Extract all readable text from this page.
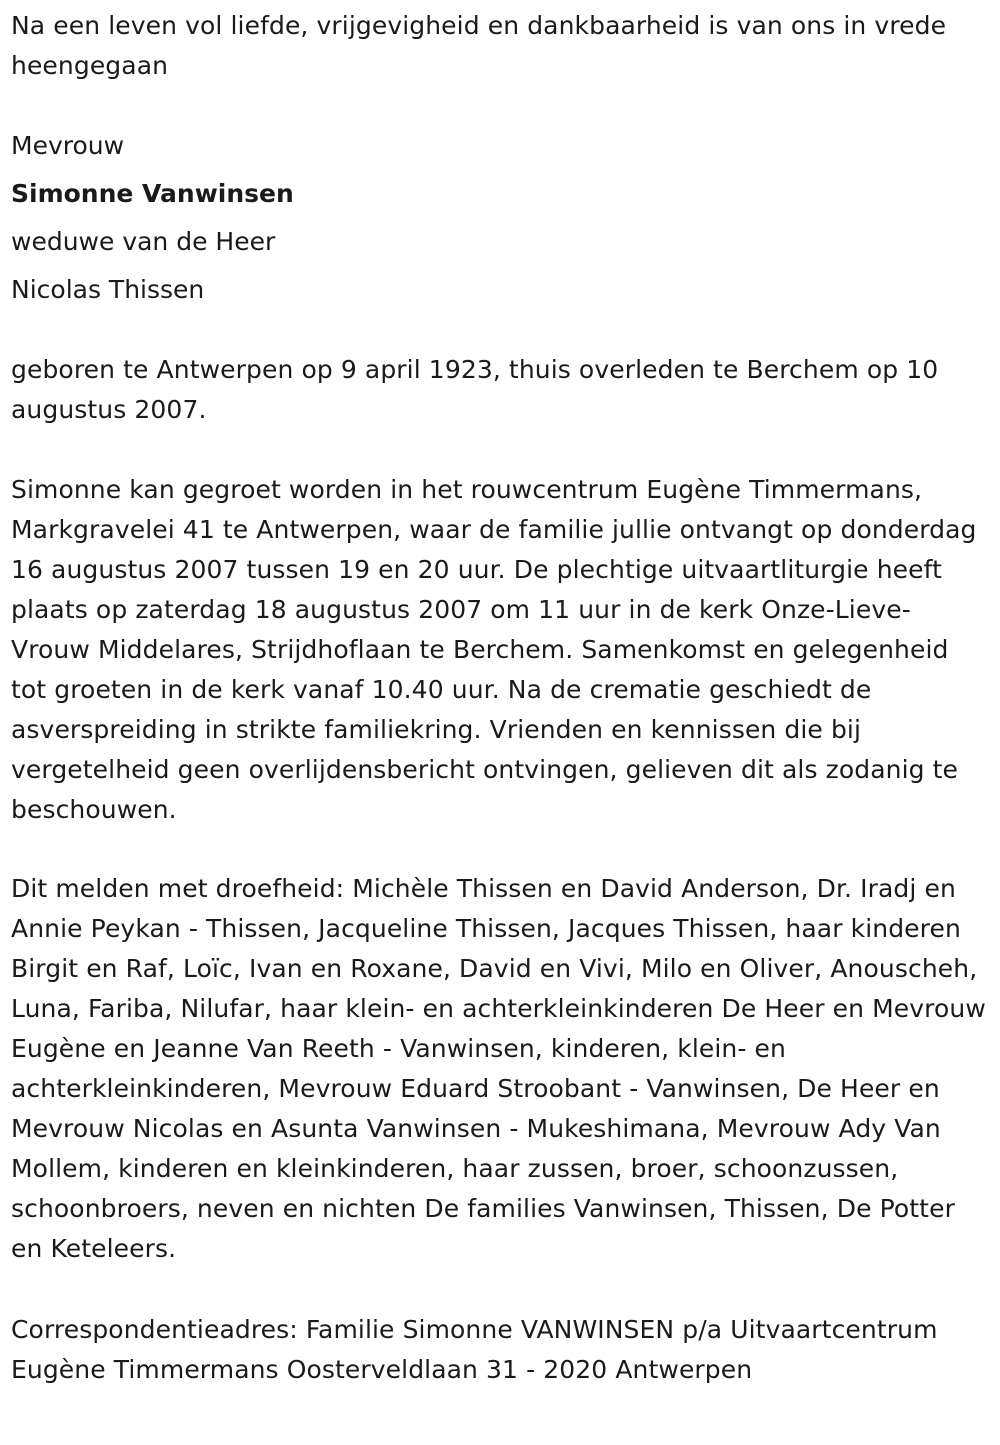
Na een leven vol liefde, vrijgevigheid en dankbaarheid is van ons in vrede heengegaan

Mevrouw

Simonne Vanwinsen

weduwe van de Heer

Nicolas Thissen

geboren te Antwerpen op 9 april 1923, thuis overleden te Berchem op 10 augustus 2007.

Simonne kan gegroet worden in het rouwcentrum Eugène Timmermans, Markgravelei 41 te Antwerpen, waar de familie jullie ontvangt op donderdag 16 augustus 2007 tussen 19 en 20 uur. De plechtige uitvaartliturgie heeft plaats op zaterdag 18 augustus 2007 om 11 uur in de kerk Onze-Lieve-Vrouw Middelares, Strijdhoflaan te Berchem. Samenkomst en gelegenheid tot groeten in de kerk vanaf 10.40 uur. Na de crematie geschiedt de asverspreiding in strikte familiekring. Vrienden en kennissen die bij vergetelheid geen overlijdensbericht ontvingen, gelieven dit als zodanig te beschouwen.

Dit melden met droefheid: Michèle Thissen en David Anderson, Dr. Iradj en Annie Peykan - Thissen, Jacqueline Thissen, Jacques Thissen, haar kinderen Birgit en Raf, Loïc, Ivan en Roxane, David en Vivi, Milo en Oliver, Anouscheh, Luna, Fariba, Nilufar, haar klein- en achterkleinkinderen De Heer en Mevrouw Eugène en Jeanne Van Reeth - Vanwinsen, kinderen, klein- en achterkleinkinderen, Mevrouw Eduard Stroobant - Vanwinsen, De Heer en Mevrouw Nicolas en Asunta Vanwinsen - Mukeshimana, Mevrouw Ady Van Mollem, kinderen en kleinkinderen, haar zussen, broer, schoonzussen, schoonbroers, neven en nichten De families Vanwinsen, Thissen, De Potter en Keteleers.

Correspondentieadres: Familie Simonne VANWINSEN p/a Uitvaartcentrum Eugène Timmermans Oosterveldlaan 31 - 2020 Antwerpen
